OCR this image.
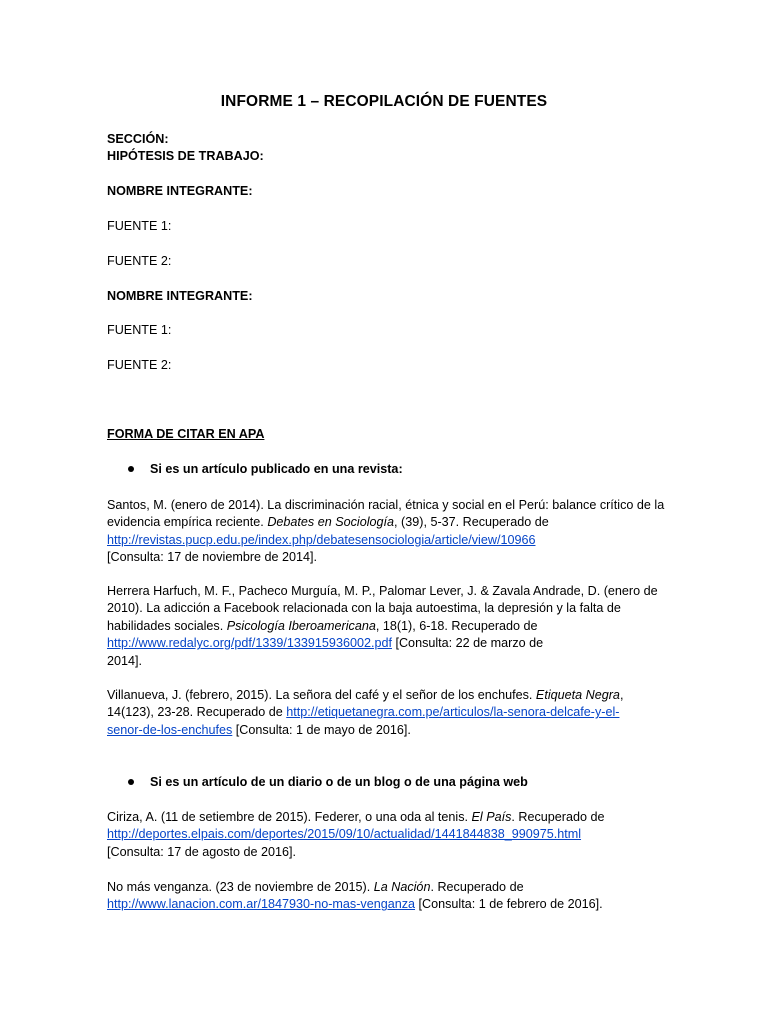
INFORME 1 – RECOPILACIÓN DE FUENTES
SECCIÓN:
HIPÓTESIS DE TRABAJO:
NOMBRE INTEGRANTE:
FUENTE 1:
FUENTE 2:
NOMBRE INTEGRANTE:
FUENTE 1:
FUENTE 2:
FORMA DE CITAR EN APA
Si es un artículo publicado en una revista:
Santos, M. (enero de 2014). La discriminación racial, étnica y social en el Perú: balance crítico de la
evidencia empírica reciente. Debates en Sociología, (39), 5-37. Recuperado de
http://revistas.pucp.edu.pe/index.php/debatesensociologia/article/view/10966
[Consulta: 17 de noviembre de 2014].
Herrera Harfuch, M. F., Pacheco Murguía, M. P., Palomar Lever, J. & Zavala Andrade, D. (enero de
2010). La adicción a Facebook relacionada con la baja autoestima, la depresión y la falta de
habilidades sociales. Psicología Iberoamericana, 18(1), 6-18. Recuperado de
http://www.redalyc.org/pdf/1339/133915936002.pdf [Consulta: 22 de marzo de
2014].
Villanueva, J. (febrero, 2015). La señora del café y el señor de los enchufes. Etiqueta Negra,
14(123), 23-28. Recuperado de http://etiquetanegra.com.pe/articulos/la-senora-delcafe-y-el-
senor-de-los-enchufes [Consulta: 1 de mayo de 2016].
Si es un artículo de un diario o de un blog o de una página web
Ciriza, A. (11 de setiembre de 2015). Federer, o una oda al tenis. El País. Recuperado de
http://deportes.elpais.com/deportes/2015/09/10/actualidad/1441844838_990975.html
[Consulta: 17 de agosto de 2016].
No más venganza. (23 de noviembre de 2015). La Nación. Recuperado de
http://www.lanacion.com.ar/1847930-no-mas-venganza [Consulta: 1 de febrero de 2016].
